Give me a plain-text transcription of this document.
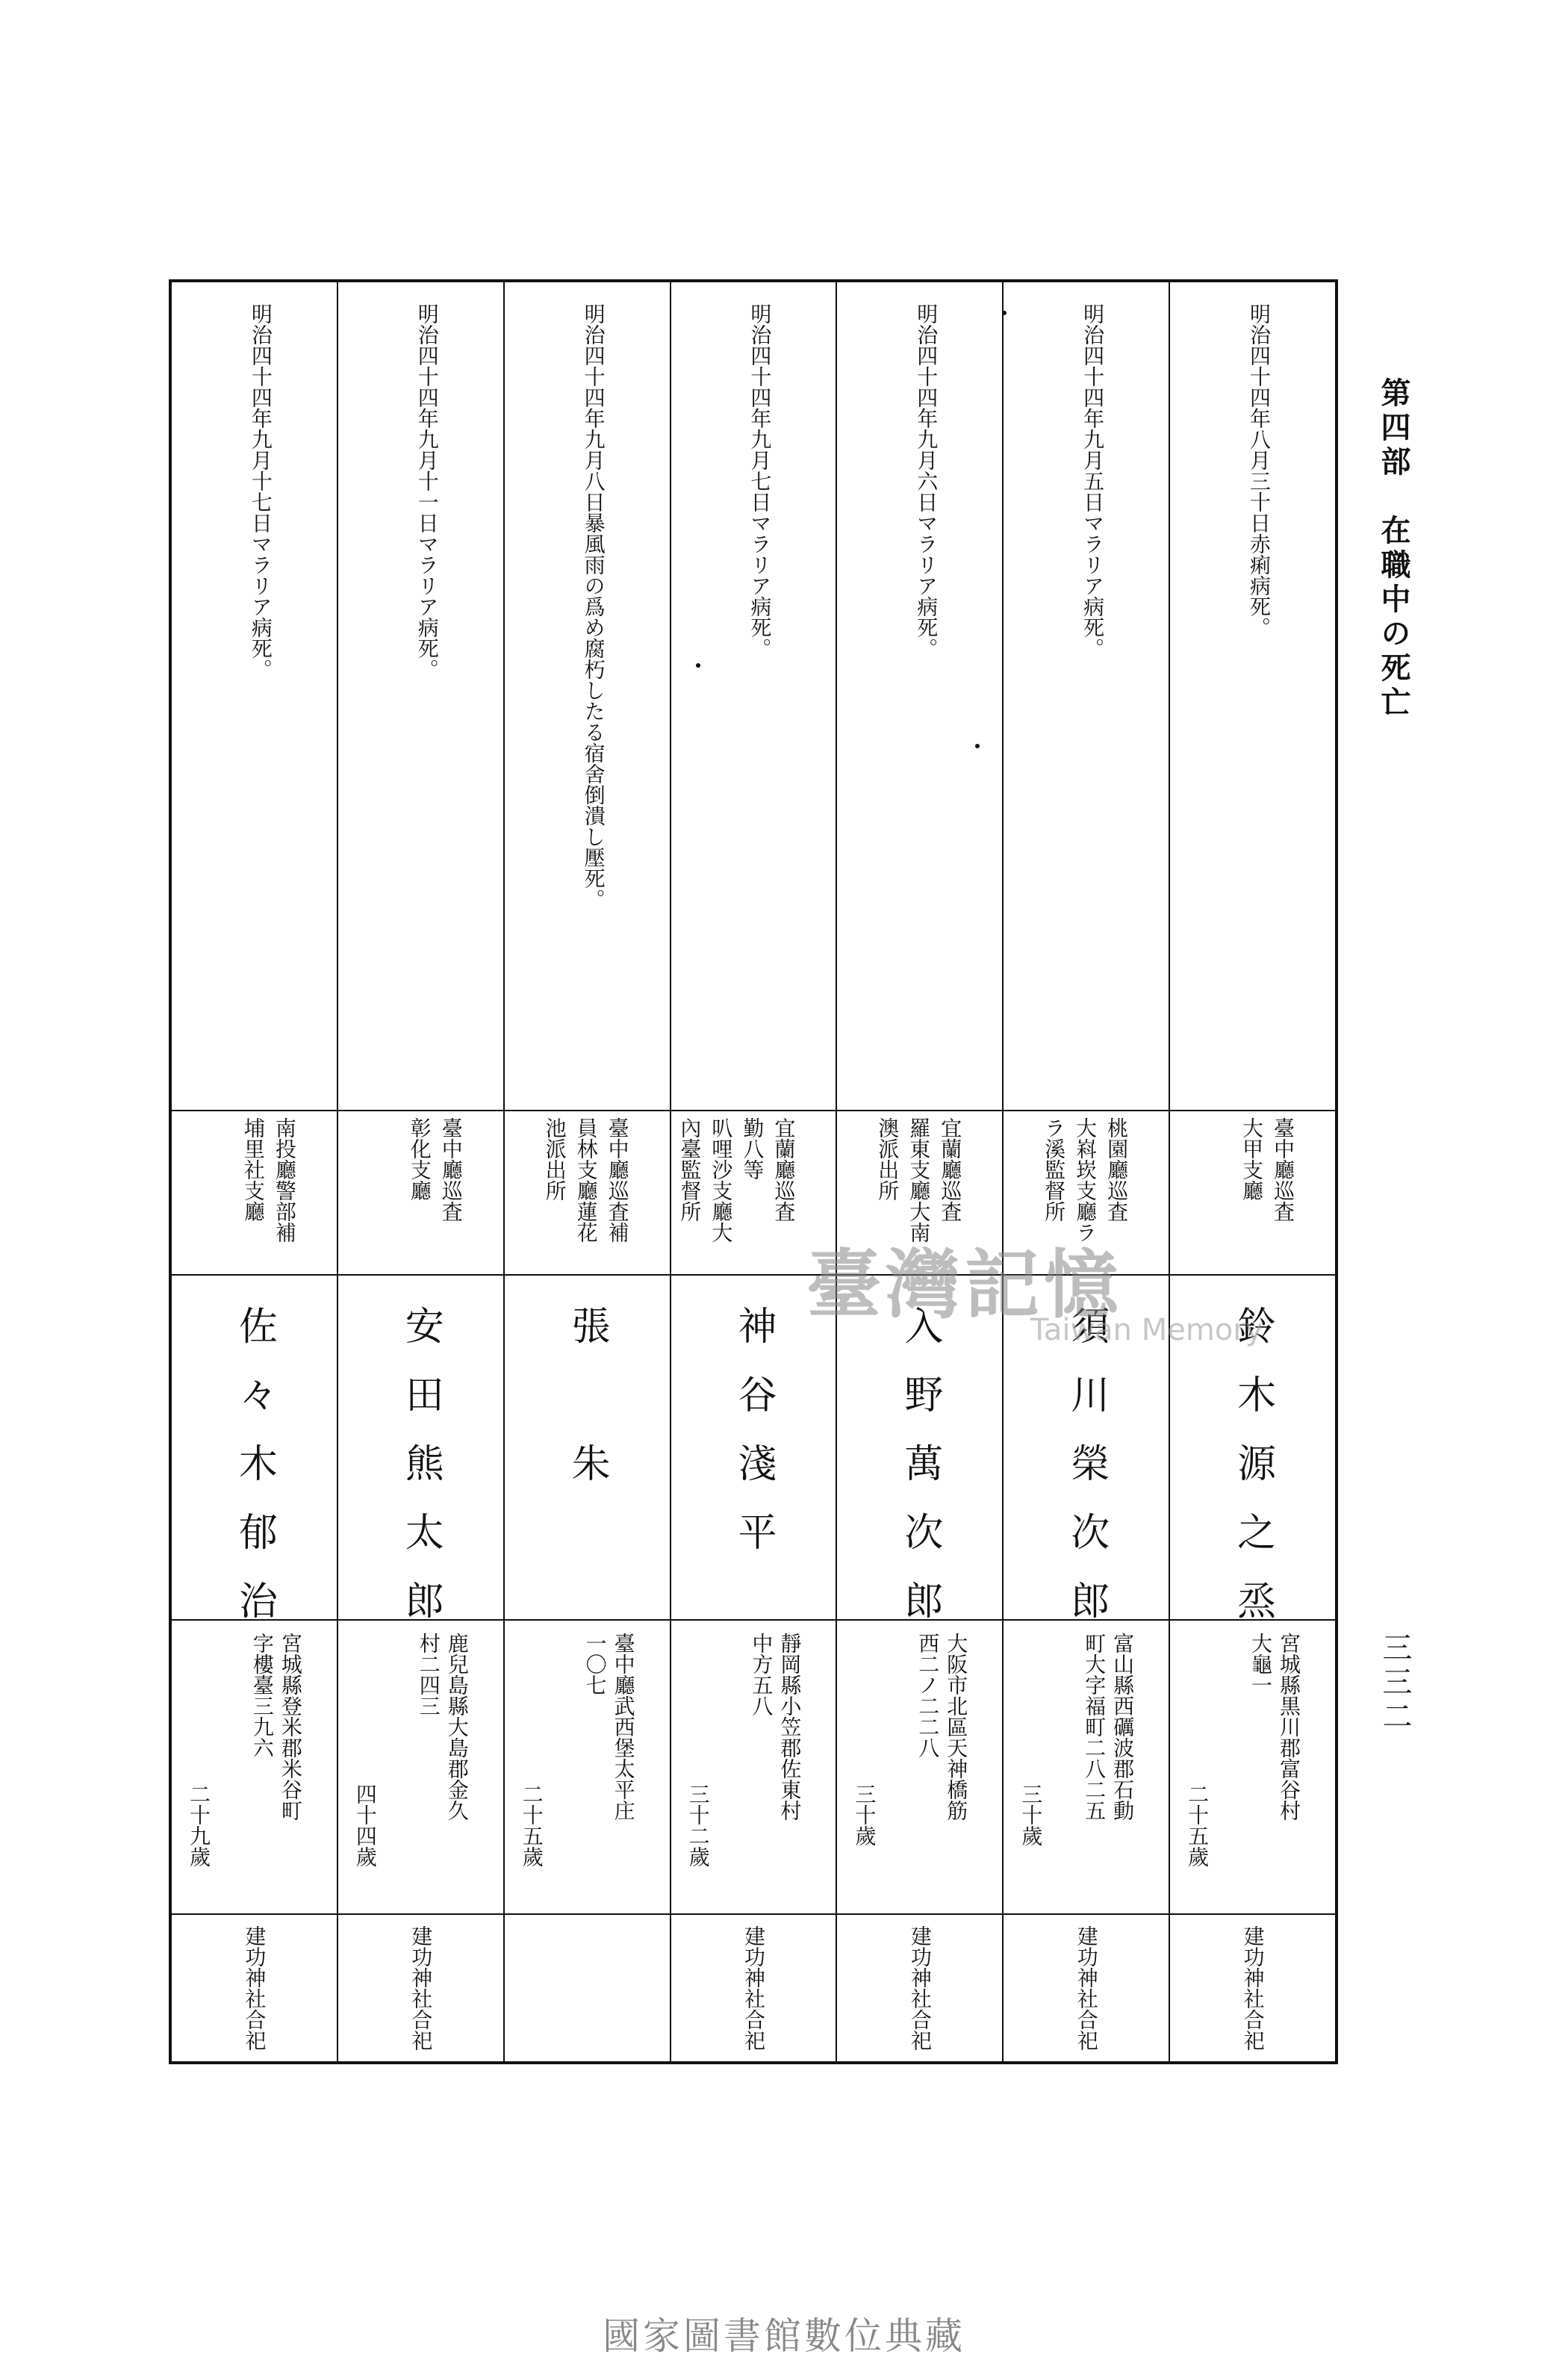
第四部　在職中の死亡
三三二
明治四十四年八月三十日赤痢病死。
臺中廳巡査
大甲支廳
鈴木源之烝
宮城縣黒川郡富谷村
大龜一
二十五歲
建功神社合祀
明治四十四年九月五日マラリア病死。
桃園廳巡査
大嵙崁支廳ラ
ラ溪監督所
須川榮次郎
富山縣西礪波郡石動
町大字福町二八二五
三十歲
建功神社合祀
明治四十四年九月六日マラリア病死。
宜蘭廳巡査
羅東支廳大南
澳派出所
入野萬次郎
大阪市北區天神橋筋
西二ノ二二八
三十歲
建功神社合祀
明治四十四年九月七日マラリア病死。
宜蘭廳巡査
勤八等
叭哩沙支廳大
內臺監督所
神谷淺平
靜岡縣小笠郡佐東村
中方五八
三十二歲
建功神社合祀
明治四十四年九月八日暴風雨の爲め腐朽したる宿舍倒潰し壓死。
臺中廳巡査補
員林支廳蓮花
池派出所
張　朱
臺中廳武西堡太平庄
一〇七
二十五歲
明治四十四年九月十一日マラリア病死。
臺中廳巡査
彰化支廳
安田熊太郎
鹿兒島縣大島郡金久
村二四三
四十四歲
建功神社合祀
明治四十四年九月十七日マラリア病死。
南投廳警部補
埔里社支廳
佐々木郁治
宮城縣登米郡米谷町
字樓臺三九六
二十九歲
建功神社合祀
臺灣記憶
Taiwan Memory
國家圖書館數位典藏
